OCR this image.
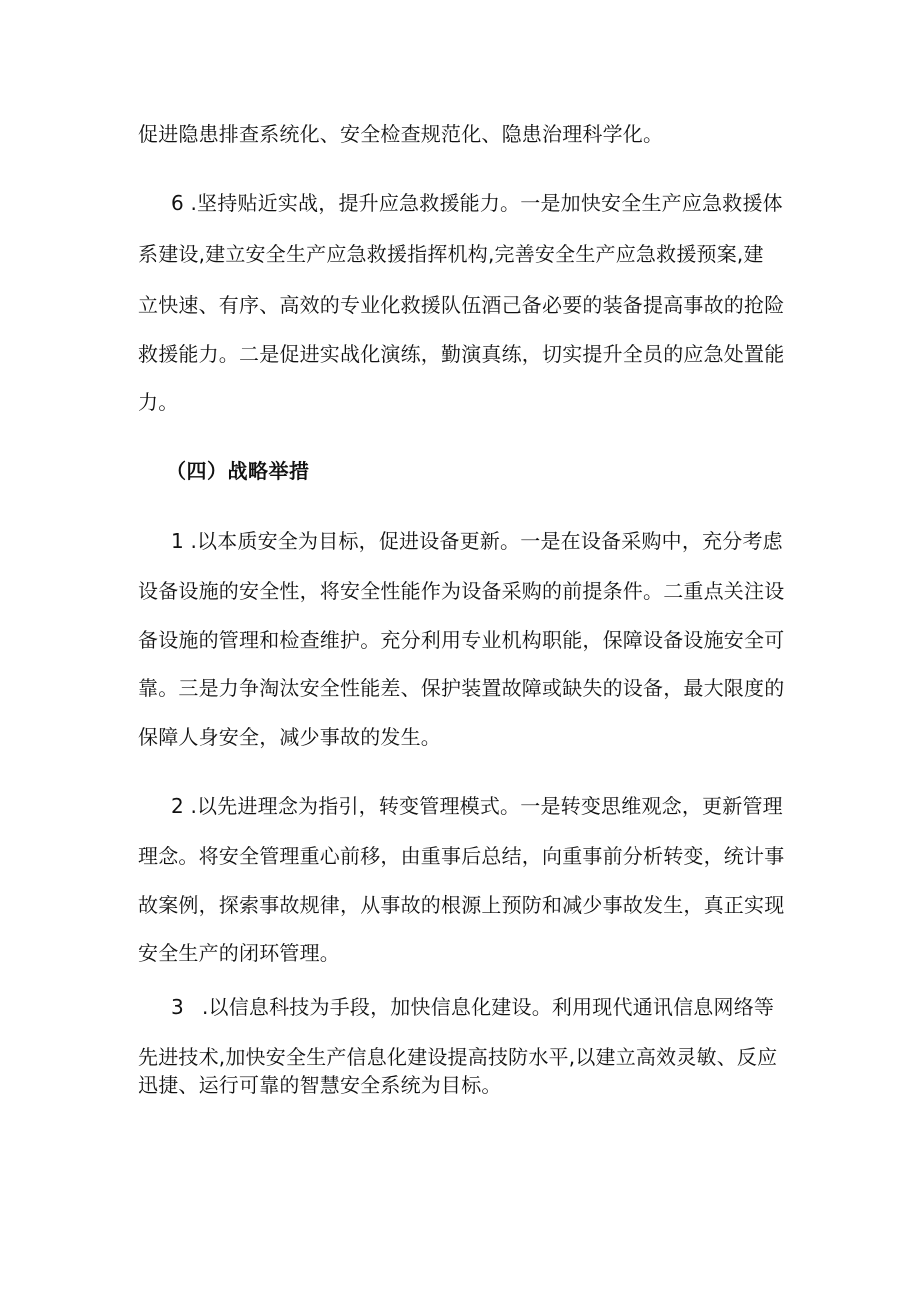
促进隐患排查系统化、安全检查规范化、隐患治理科学化。
6 .坚持贴近实战，提升应急救援能力。一是加快安全生产应急救援体
系建设,建立安全生产应急救援指挥机构,完善安全生产应急救援预案,建
立快速、有序、高效的专业化救援队伍酒己备必要的装备提高事故的抢险
救援能力。二是促进实战化演练，勤演真练，切实提升全员的应急处置能
力。
（四）战略举措
1 .以本质安全为目标，促进设备更新。一是在设备采购中，充分考虑
设备设施的安全性，将安全性能作为设备采购的前提条件。二重点关注设
备设施的管理和检查维护。充分利用专业机构职能，保障设备设施安全可
靠。三是力争淘汰安全性能差、保护装置故障或缺失的设备，最大限度的
保障人身安全，减少事故的发生。
2 .以先进理念为指引，转变管理模式。一是转变思维观念，更新管理
理念。将安全管理重心前移，由重事后总结，向重事前分析转变，统计事
故案例，探索事故规律，从事故的根源上预防和减少事故发生，真正实现
安全生产的闭环管理。
3 .以信息科技为手段，加快信息化建设。利用现代通讯信息网络等
先进技术,加快安全生产信息化建设提高技防水平,以建立高效灵敏、反应
迅捷、运行可靠的智慧安全系统为目标。
